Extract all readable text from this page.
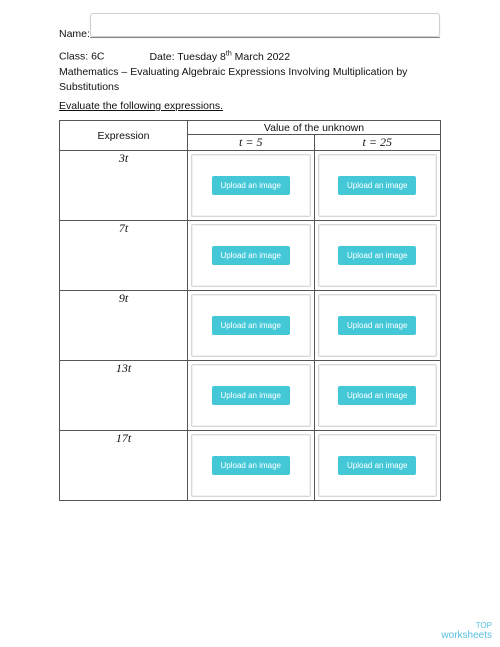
Name:
Class: 6C	Date: Tuesday 8th March 2022
Mathematics – Evaluating Algebraic Expressions Involving Multiplication by Substitutions
Evaluate the following expressions.
Expression	Value of the unknown	
	t = 5	t = 25
3t	Upload an image	Upload an image

7t	Upload an image	Upload an image

9t	Upload an image	Upload an image

13t	Upload an image	Upload an image

17t	Upload an image	Upload an image
TOP
worksheets
